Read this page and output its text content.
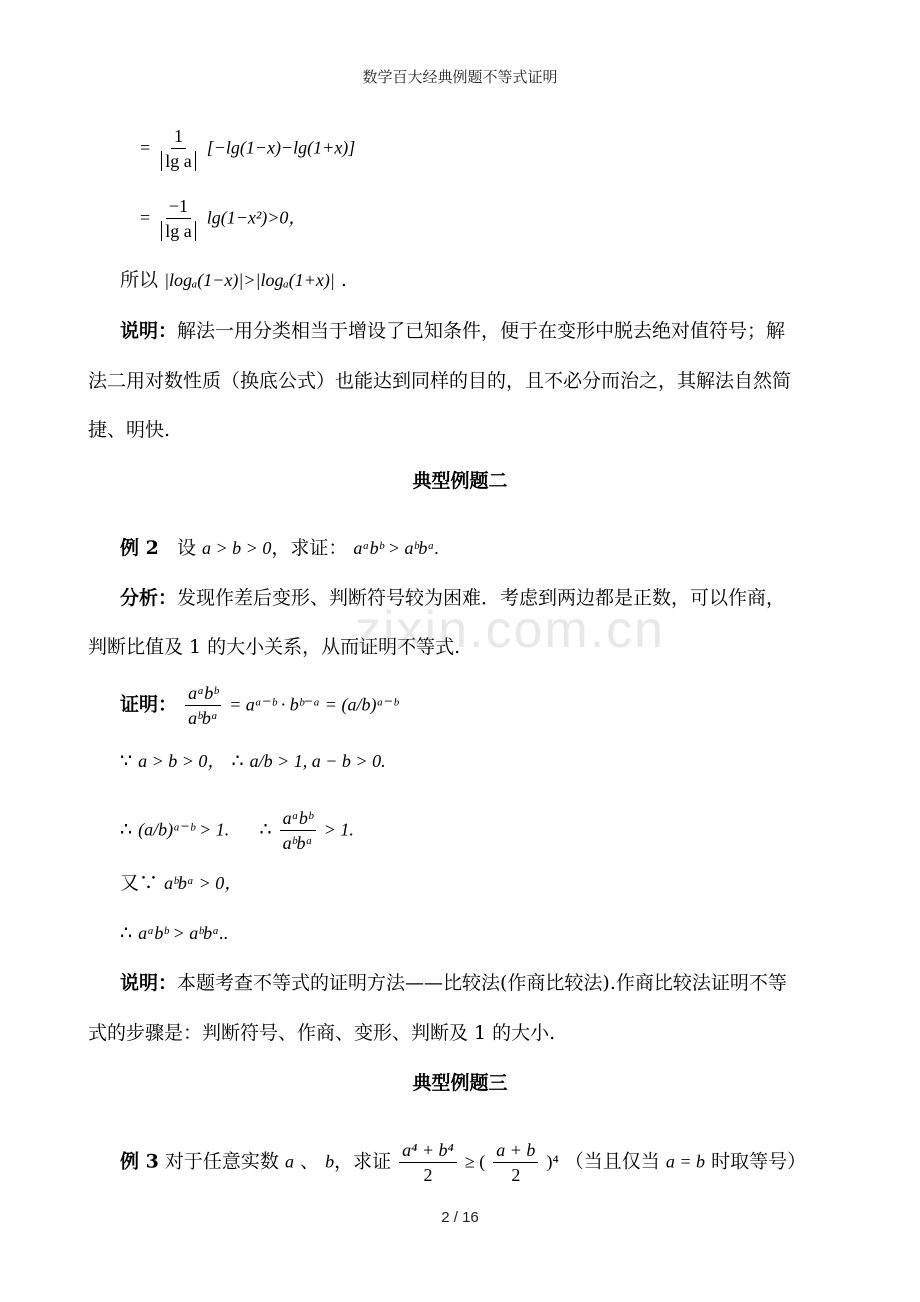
数学百大经典例题不等式证明
= $\frac{1}{\text{lg a}} [-\lg(1-x)-\lg(1+x)]$
= $\frac{-1}{\text{lg a}} \lg(1-x^2)>0$，
所以 |logₐ(1−x)|>|logₐ(1+x)| .
说明：解法一用分类相当于增设了已知条件，便于在变形中脱去绝对值符号；解
法二用对数性质（换底公式）也能达到同样的目的，且不必分而治之，其解法自然简
捷、明快.
典型例题二
例 2 设 a > b > 0，求证： aᵃbᵇ > aᵇbᵃ.
分析：发现作差后变形、判断符号较为困难．考虑到两边都是正数，可以作商，
判断比值及 1 的大小关系，从而证明不等式.
证明： $\frac{\text{aᵃbᵇ}}{\text{aᵇbᵃ}}$ = aᵃ⁻ᵇ · bᵇ⁻ᵃ = (a/b)ᵃ⁻ᵇ
∵ a > b > 0， ∴ a/b > 1, a − b > 0.
∴ (a/b)ᵃ⁻ᵇ > 1. ∴ $\frac{\text{aᵃbᵇ}}{\text{aᵇbᵃ}} > 1$.
又∵ aᵇbᵃ > 0，
∴ aᵃbᵇ > aᵇbᵃ..
说明：本题考查不等式的证明方法——比较法(作商比较法).作商比较法证明不等
式的步骤是：判断符号、作商、变形、判断及 1 的大小.
典型例题三
例 3 对于任意实数 a 、 b，求证 $\frac{\text{a⁴ + b⁴}}{2}$ ≥ ( $\frac{a + b}{2} )^4$ （当且仅当 a = b 时取等号）
2 / 16
zixin.com.cn
